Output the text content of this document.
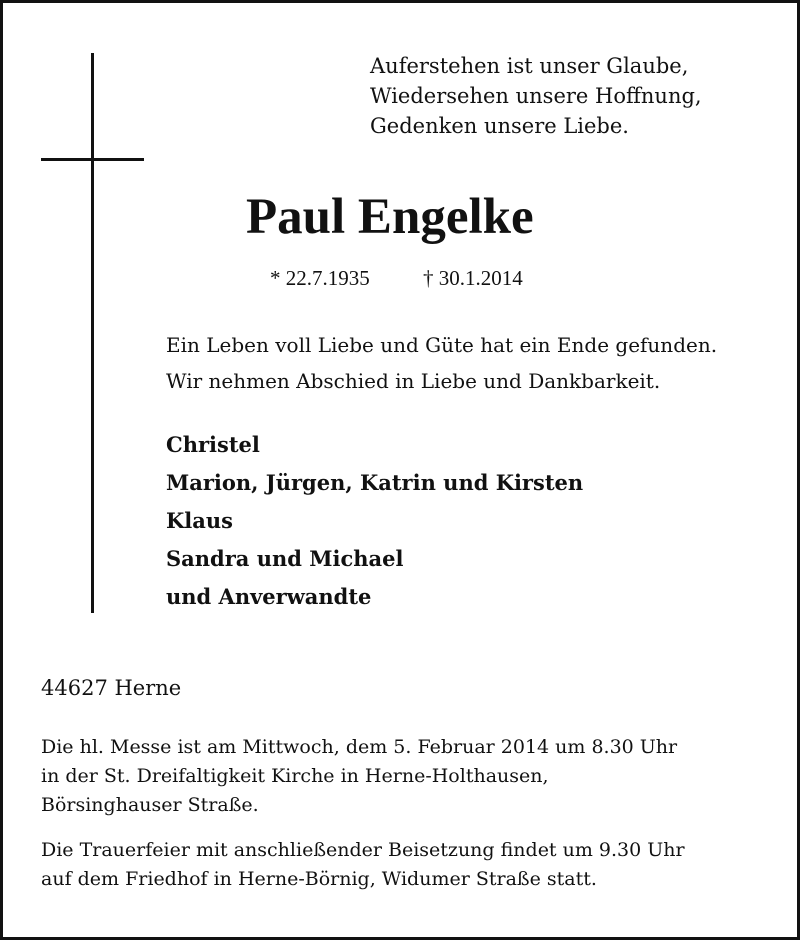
Auferstehen ist unser Glaube,
Wiedersehen unsere Hoffnung,
Gedenken unsere Liebe.
Paul Engelke
* 22.7.1935	† 30.1.2014
Ein Leben voll Liebe und Güte hat ein Ende gefunden.
Wir nehmen Abschied in Liebe und Dankbarkeit.
Christel
Marion, Jürgen, Katrin und Kirsten
Klaus
Sandra und Michael
und Anverwandte
44627 Herne
Die hl. Messe ist am Mittwoch, dem 5. Februar 2014 um 8.30 Uhr
in der St. Dreifaltigkeit Kirche in Herne-Holthausen,
Börsinghauser Straße.
Die Trauerfeier mit anschließender Beisetzung findet um 9.30 Uhr
auf dem Friedhof in Herne-Börnig, Widumer Straße statt.
